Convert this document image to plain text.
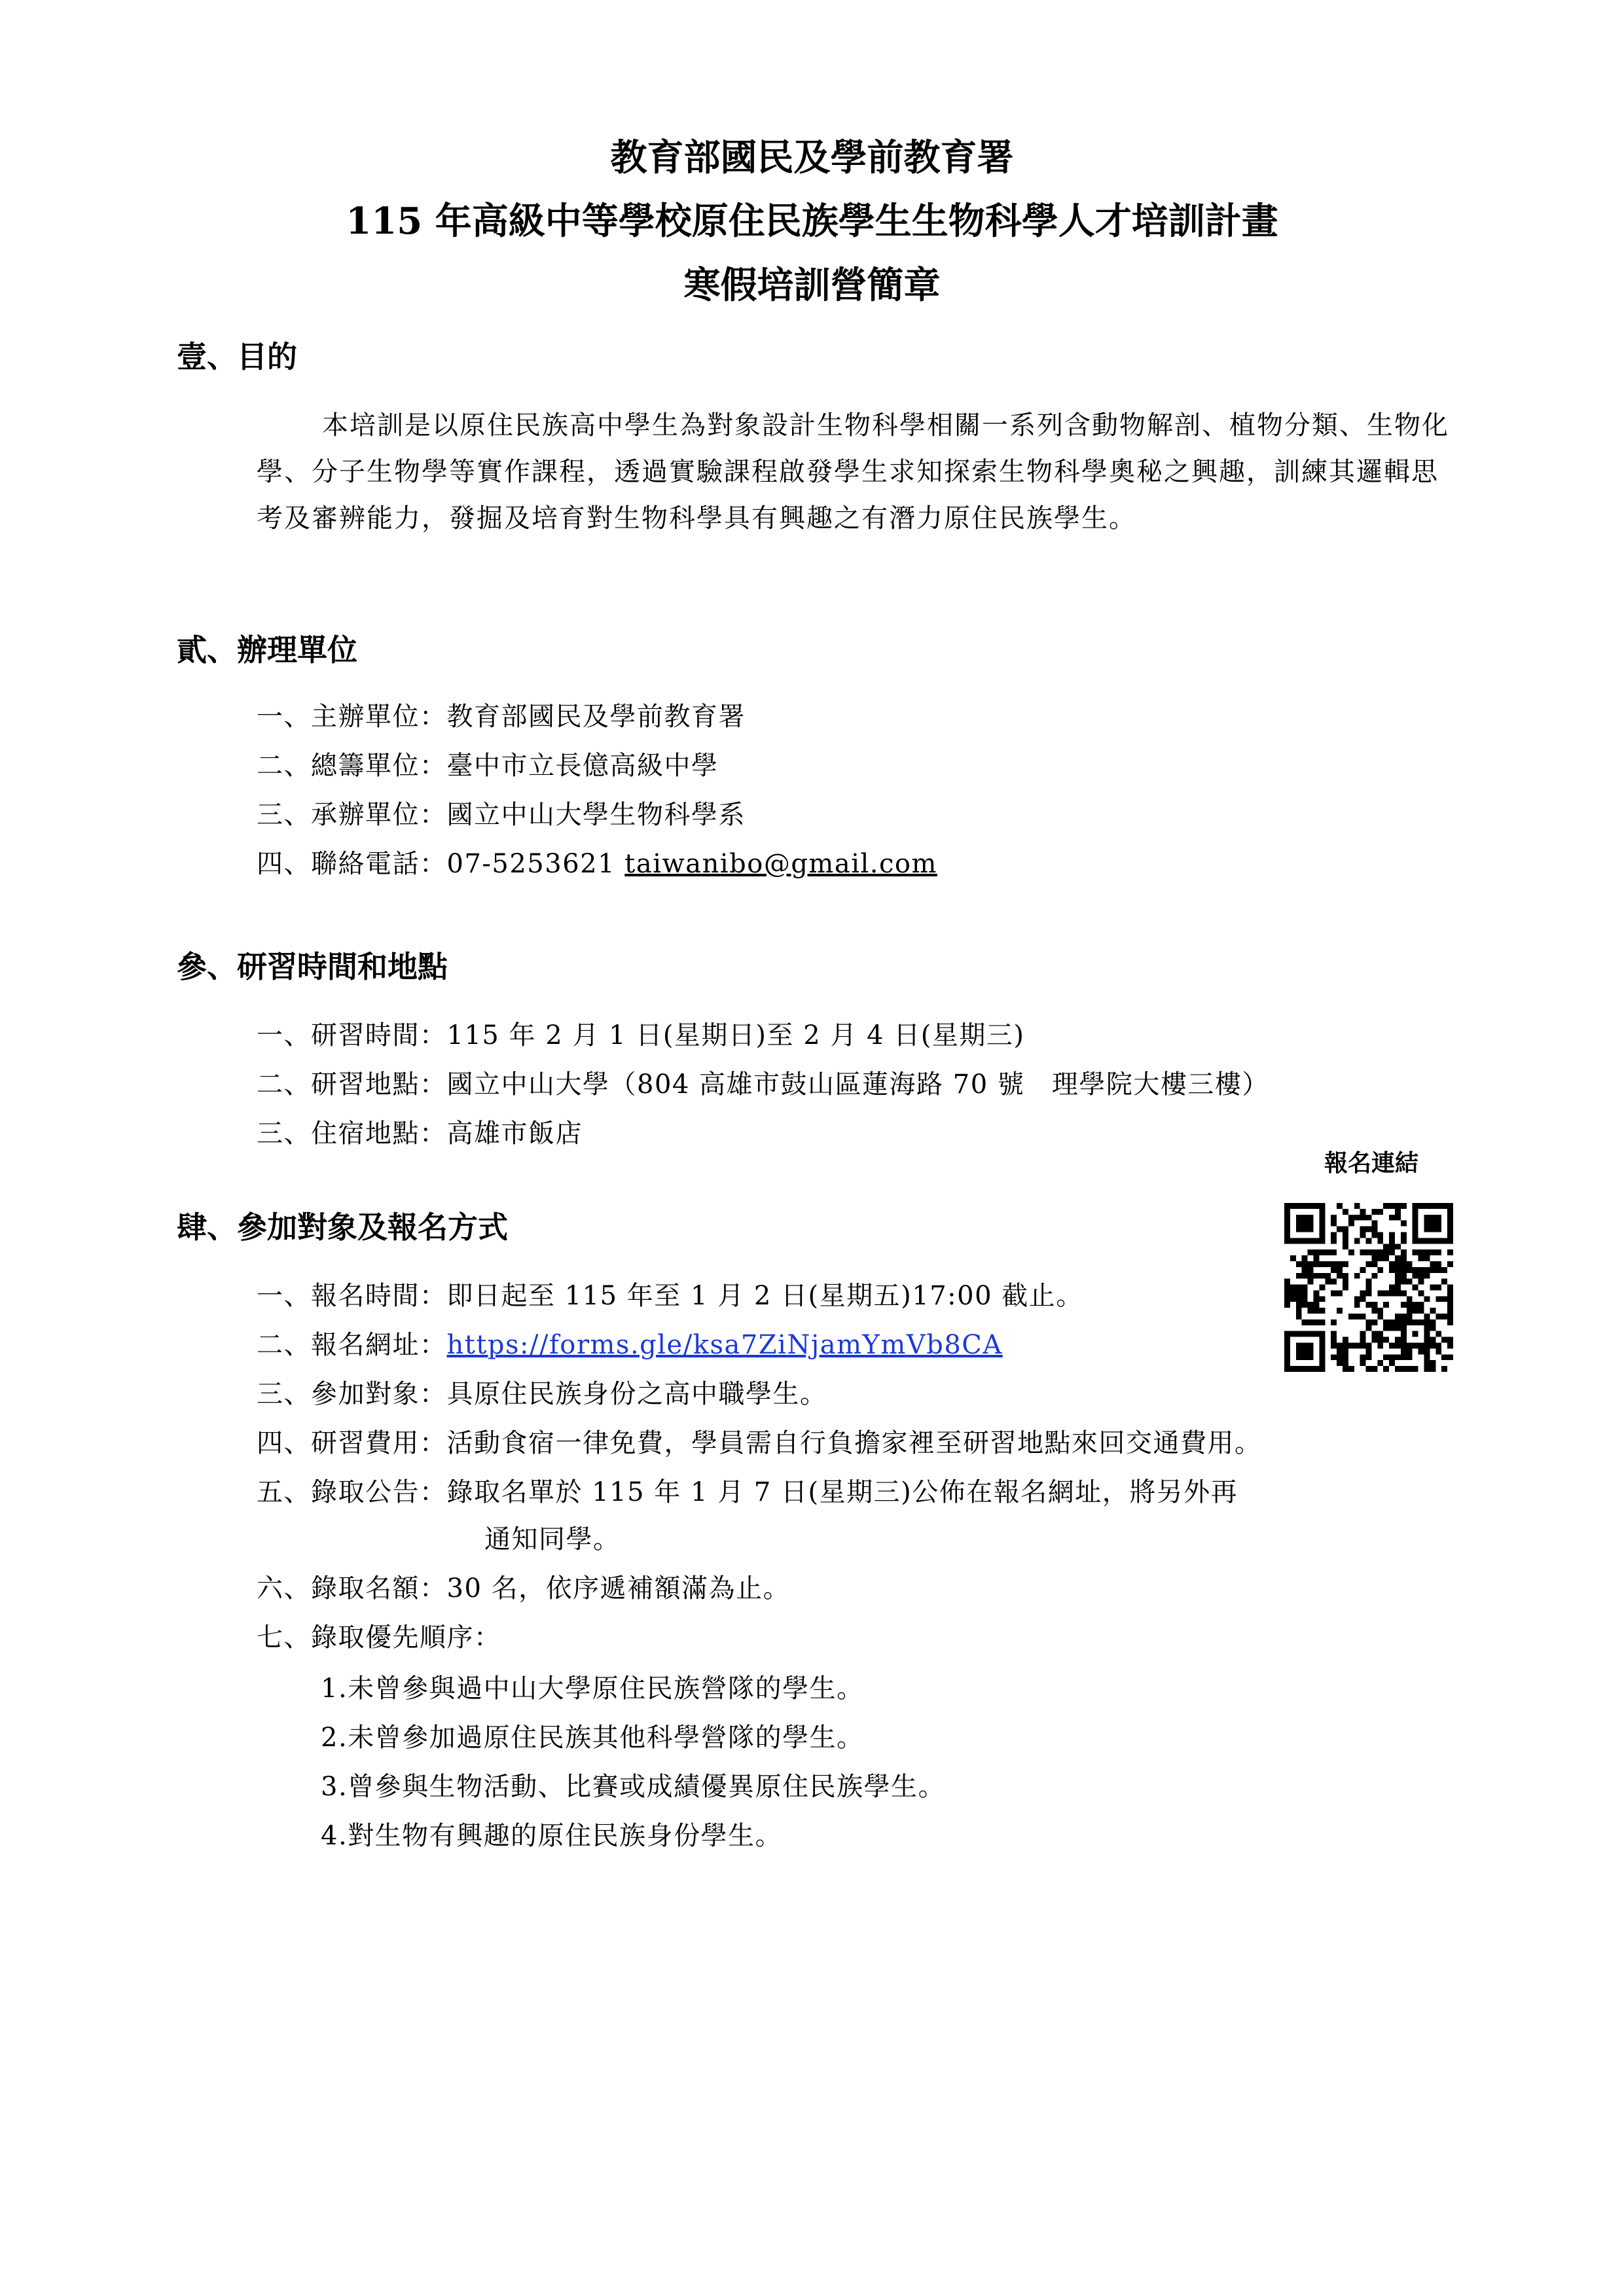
教育部國民及學前教育署
115 年高級中等學校原住民族學生生物科學人才培訓計畫
寒假培訓營簡章
壹、目的
本培訓是以原住民族高中學生為對象設計生物科學相關一系列含動物解剖、植物分類、生物化學、分子生物學等實作課程，透過實驗課程啟發學生求知探索生物科學奧秘之興趣，訓練其邏輯思考及審辨能力，發掘及培育對生物科學具有興趣之有潛力原住民族學生。
貳、辦理單位
一、主辦單位：教育部國民及學前教育署
二、總籌單位：臺中市立長億高級中學
三、承辦單位：國立中山大學生物科學系
四、聯絡電話：07-5253621 taiwanibo@gmail.com
參、研習時間和地點
一、研習時間：115 年 2 月 1 日(星期日)至 2 月 4 日(星期三)
二、研習地點：國立中山大學（804 高雄市鼓山區蓮海路 70 號　理學院大樓三樓）
三、住宿地點：高雄市飯店
報名連結
肆、參加對象及報名方式
一、報名時間：即日起至 115 年至 1 月 2 日(星期五)17:00 截止。
二、報名網址：https://forms.gle/ksa7ZiNjamYmVb8CA
三、參加對象：具原住民族身份之高中職學生。
四、研習費用：活動食宿一律免費，學員需自行負擔家裡至研習地點來回交通費用。
五、錄取公告：錄取名單於 115 年 1 月 7 日(星期三)公佈在報名網址，將另外再
通知同學。
六、錄取名額：30 名，依序遞補額滿為止。
七、錄取優先順序：
1.未曾參與過中山大學原住民族營隊的學生。
2.未曾參加過原住民族其他科學營隊的學生。
3.曾參與生物活動、比賽或成績優異原住民族學生。
4.對生物有興趣的原住民族身份學生。
